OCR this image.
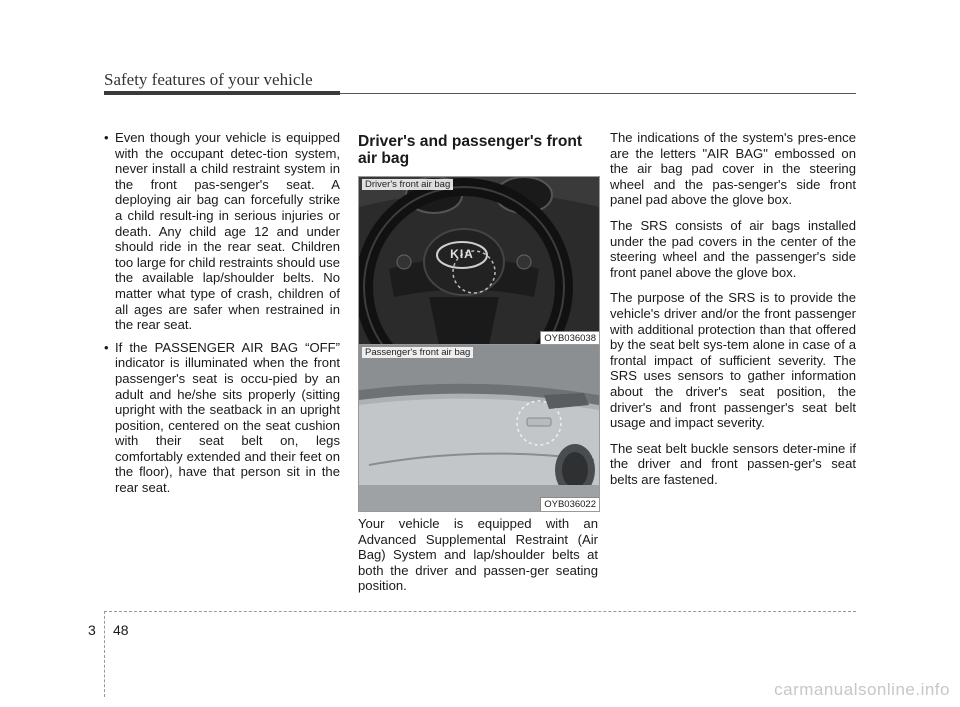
Safety features of your vehicle

• Even though your vehicle is equipped with the occupant detec-tion system, never install a child restraint system in the front pas-senger's seat. A deploying air bag can forcefully strike a child result-ing in serious injuries or death. Any child age 12 and under should ride in the rear seat. Children too large for child restraints should use the available lap/shoulder belts. No matter what type of crash, children of all ages are safer when restrained in the rear seat.

• If the PASSENGER AIR BAG “OFF” indicator is illuminated when the front passenger's seat is occu-pied by an adult and he/she sits properly (sitting upright with the seatback in an upright position, centered on the seat cushion with their seat belt on, legs comfortably extended and their feet on the floor), have that person sit in the rear seat.

Driver's and passenger's front air bag
KIA
Driver's front air bag
OYB036038
Passenger's front air bag
OYB036022

Your vehicle is equipped with an Advanced Supplemental Restraint (Air Bag) System and lap/shoulder belts at both the driver and passen-ger seating position.

The indications of the system's pres-ence are the letters "AIR BAG" embossed on the air bag pad cover in the steering wheel and the pas-senger's side front panel pad above the glove box.

The SRS consists of air bags installed under the pad covers in the center of the steering wheel and the passenger's side front panel above the glove box.

The purpose of the SRS is to provide the vehicle's driver and/or the front passenger with additional protection than that offered by the seat belt sys-tem alone in case of a frontal impact of sufficient severity. The SRS uses sensors to gather information about the driver's seat position, the driver's and front passenger's seat belt usage and impact severity.

The seat belt buckle sensors deter-mine if the driver and front passen-ger's seat belts are fastened.

3 48
carmanualsonline.info
